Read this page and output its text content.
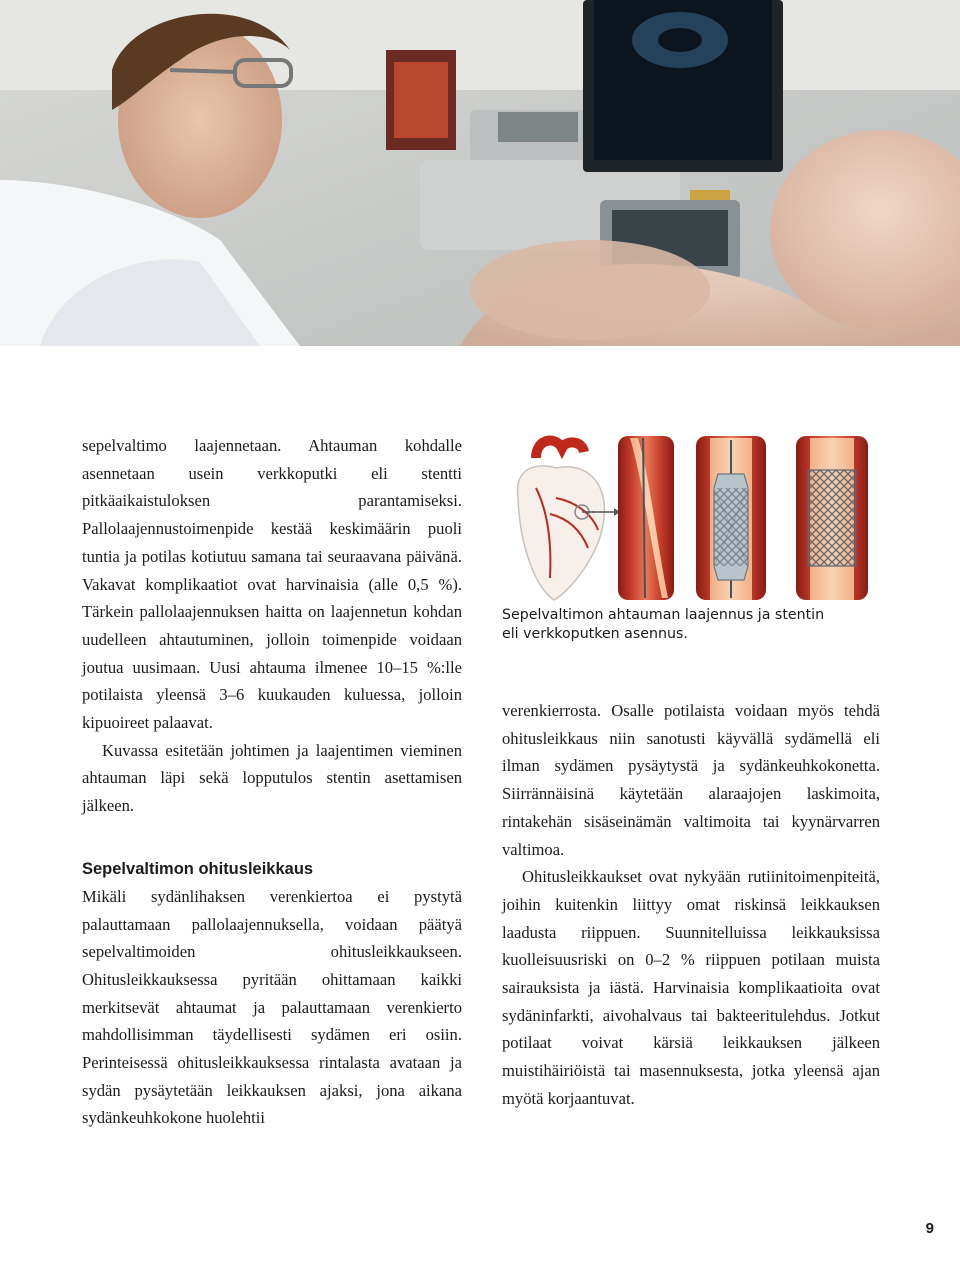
sepelvaltimo laajennetaan. Ahtauman kohdalle asennetaan usein verkkoputki eli stentti pitkäaikaistuloksen parantamiseksi. Pallolaajennustoimenpide kestää keskimäärin puoli tuntia ja potilas kotiutuu samana tai seuraavana päivänä. Vakavat komplikaatiot ovat harvinaisia (alle 0,5 %). Tärkein pallolaajennuksen haitta on laajennetun kohdan uudelleen ahtautuminen, jolloin toimenpide voidaan joutua uusimaan. Uusi ahtauma ilmenee 10–15 %:lle potilaista yleensä 3–6 kuukauden kuluessa, jolloin kipuoireet palaavat.

Kuvassa esitetään johtimen ja laajentimen vieminen ahtauman läpi sekä lopputulos stentin asettamisen jälkeen.

Sepelvaltimon ohitusleikkaus

Mikäli sydänlihaksen verenkiertoa ei pystytä palauttamaan pallolaajennuksella, voidaan päätyä sepelvaltimoiden ohitusleikkaukseen. Ohitusleikkauksessa pyritään ohittamaan kaikki merkitsevät ahtaumat ja palauttamaan verenkierto mahdollisimman täydellisesti sydämen eri osiin. Perinteisessä ohitusleikkauksessa rintalasta avataan ja sydän pysäytetään leikkauksen ajaksi, jona aikana sydänkeuhkokone huolehtii

Sepelvaltimon ahtauman laajennus ja stentin
eli verkkoputken asennus.

verenkierrosta. Osalle potilaista voidaan myös tehdä ohitusleikkaus niin sanotusti käyvällä sydämellä eli ilman sydämen pysäytystä ja sydänkeuhkokonetta. Siirrännäisinä käytetään alaraajojen laskimoita, rintakehän sisäseinämän valtimoita tai kyynärvarren valtimoa.

Ohitusleikkaukset ovat nykyään rutiinitoimenpiteitä, joihin kuitenkin liittyy omat riskinsä leikkauksen laadusta riippuen. Suunnitelluissa leikkauksissa kuolleisuusriski on 0–2 % riippuen potilaan muista sairauksista ja iästä. Harvinaisia komplikaatioita ovat sydäninfarkti, aivohalvaus tai bakteeritulehdus. Jotkut potilaat voivat kärsiä leikkauksen jälkeen muistihäiriöistä tai masennuksesta, jotka yleensä ajan myötä korjaantuvat.

9
